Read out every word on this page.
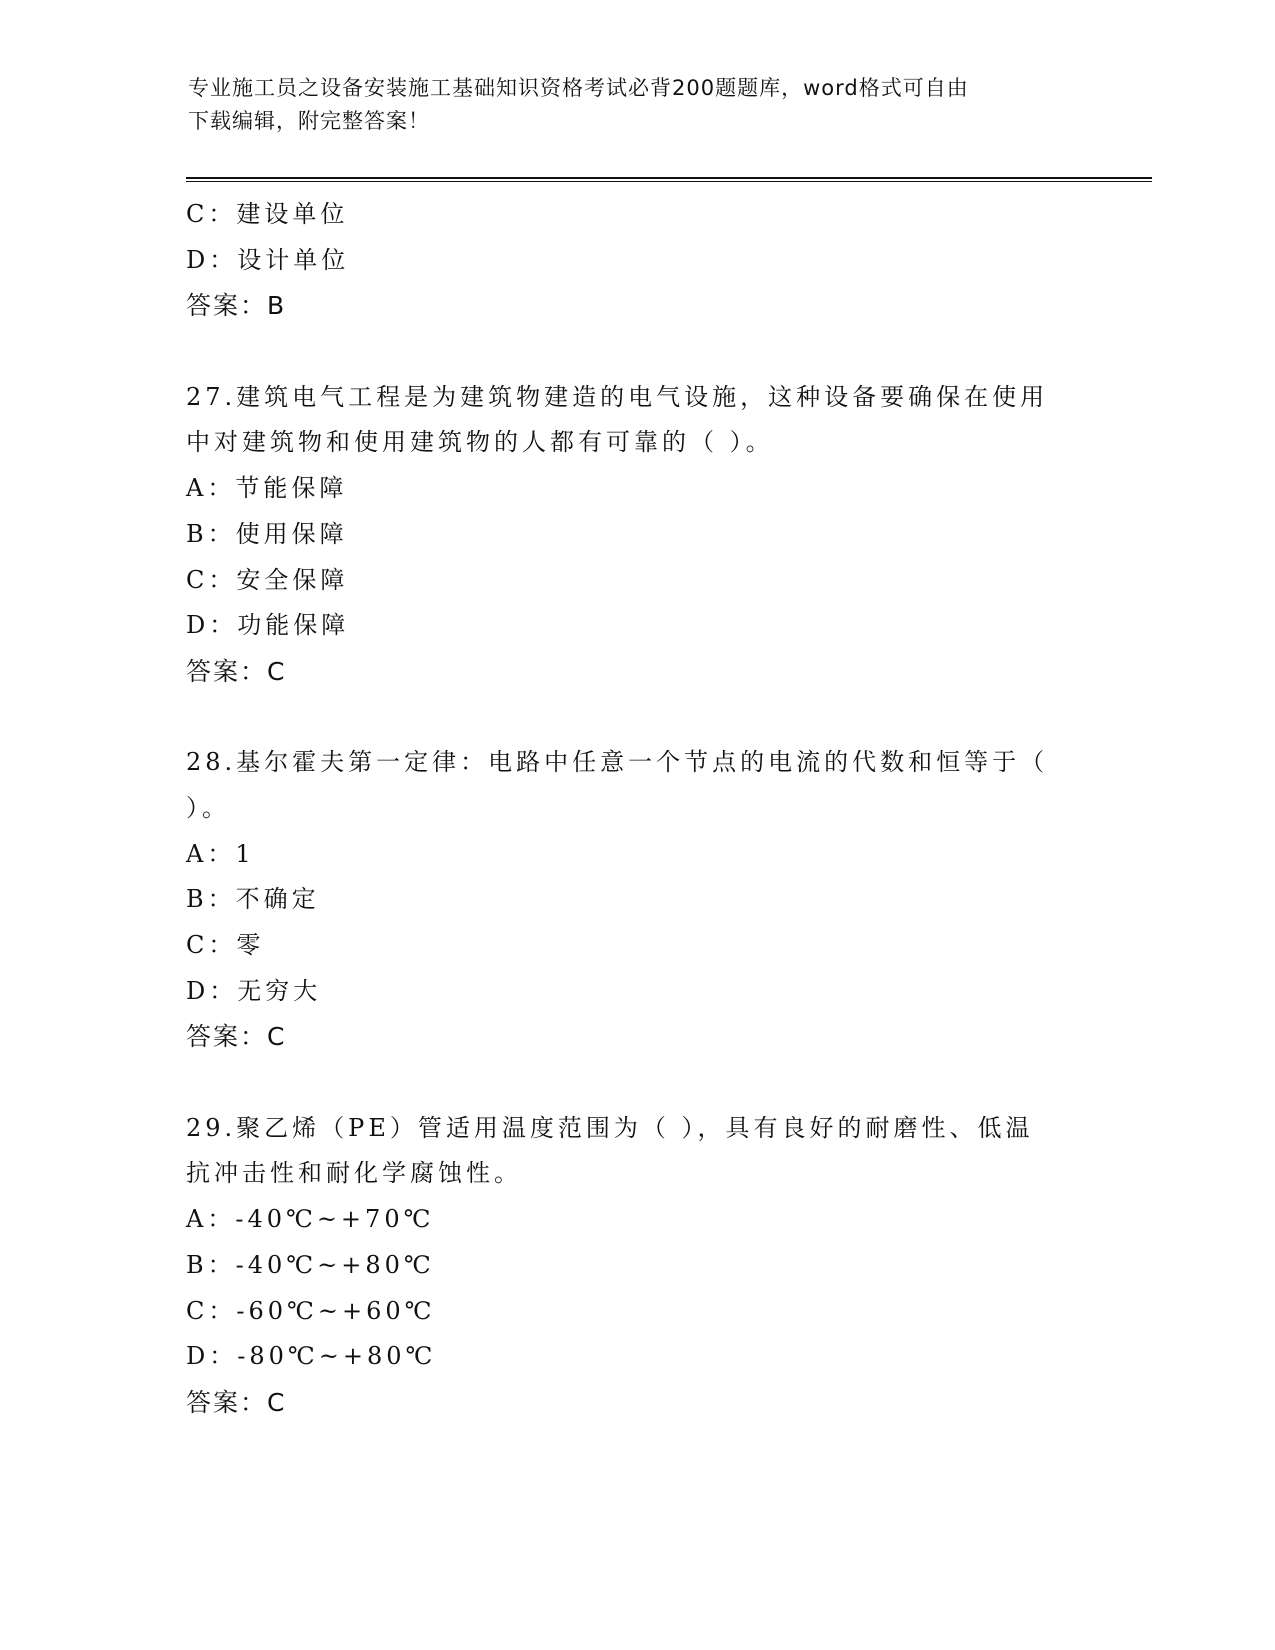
专业施工员之设备安装施工基础知识资格考试必背200题题库，word格式可自由
下载编辑，附完整答案！
C：建设单位
D：设计单位
答案：B
27.建筑电气工程是为建筑物建造的电气设施，这种设备要确保在使用
中对建筑物和使用建筑物的人都有可靠的（ ）。
A：节能保障
B：使用保障
C：安全保障
D：功能保障
答案：C
28.基尔霍夫第一定律：电路中任意一个节点的电流的代数和恒等于（
）。
A：1
B：不确定
C：零
D：无穷大
答案：C
29.聚乙烯（PE）管适用温度范围为（ ），具有良好的耐磨性、低温
抗冲击性和耐化学腐蚀性。
A：-40℃~+70℃
B：-40℃~+80℃
C：-60℃~+60℃
D：-80℃~+80℃
答案：C
